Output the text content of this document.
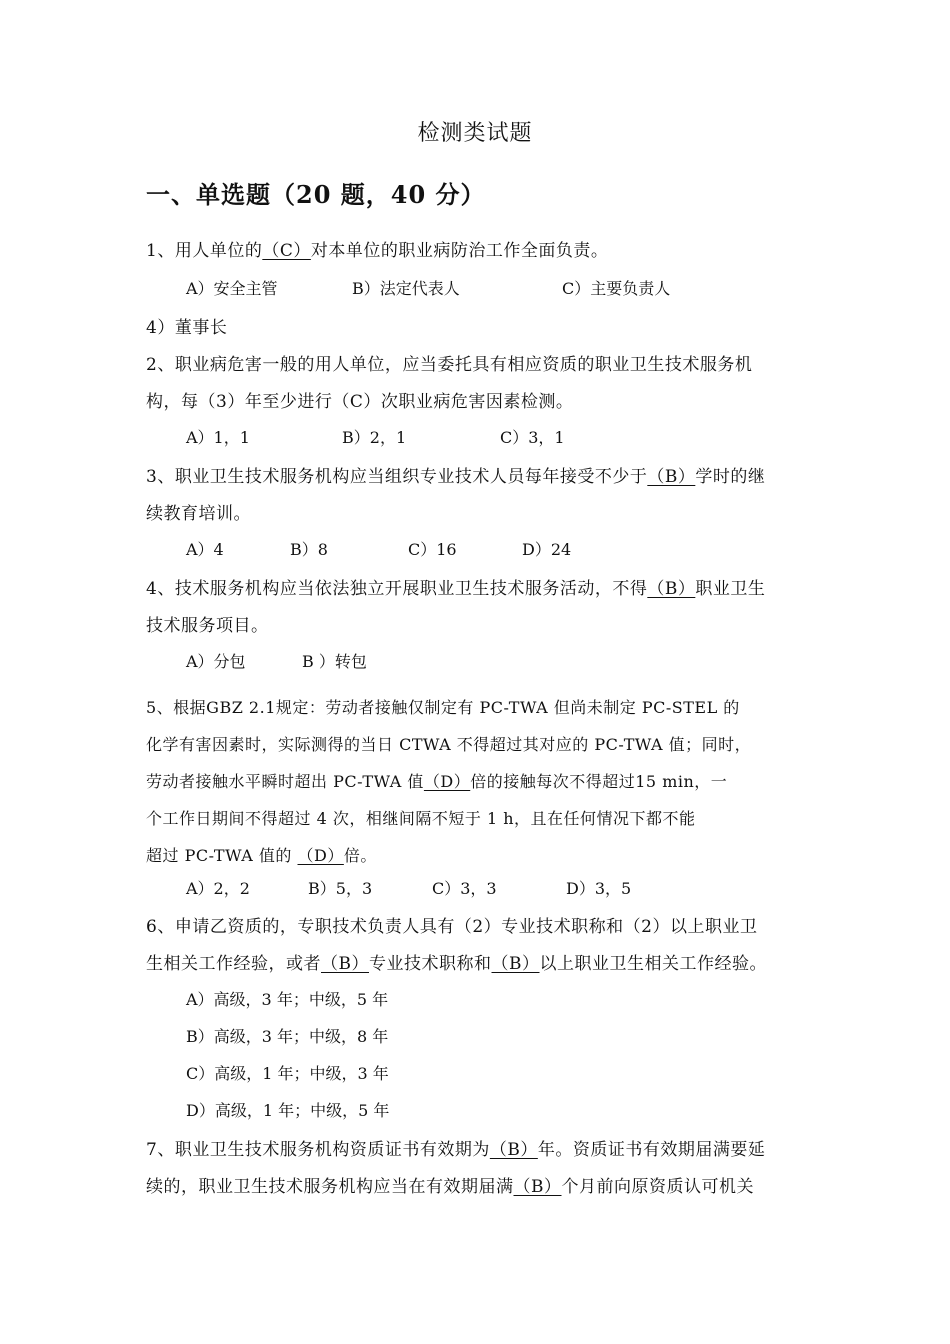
检测类试题
一、单选题（20 题，40 分）
1、用人单位的（C）对本单位的职业病防治工作全面负责。
A）安全主管	B）法定代表人	C）主要负责人
4）董事长
2、职业病危害一般的用人单位，应当委托具有相应资质的职业卫生技术服务机
构，每（3）年至少进行（C）次职业病危害因素检测。
A）1，1	B）2，1	C）3，1
3、职业卫生技术服务机构应当组织专业技术人员每年接受不少于（B）学时的继
续教育培训。
A）4	B）8	C）16	D）24
4、技术服务机构应当依法独立开展职业卫生技术服务活动，不得（B）职业卫生
技术服务项目。
A）分包	B ）转包
5、根据GBZ 2.1规定：劳动者接触仅制定有 PC-TWA 但尚未制定 PC-STEL 的
化学有害因素时，实际测得的当日 CTWA 不得超过其对应的 PC-TWA 值；同时，
劳动者接触水平瞬时超出 PC-TWA 值（D）倍的接触每次不得超过15 min，一
个工作日期间不得超过 4 次，相继间隔不短于 1 h，且在任何情况下都不能
超过 PC-TWA 值的 （D）倍。
A）2，2	B）5，3	C）3，3	D）3，5
6、申请乙资质的，专职技术负责人具有（2）专业技术职称和（2）以上职业卫
生相关工作经验，或者（B）专业技术职称和（B）以上职业卫生相关工作经验。
A）高级，3 年；中级，5 年
B）高级，3 年；中级，8 年
C）高级，1 年；中级，3 年
D）高级，1 年；中级，5 年
7、职业卫生技术服务机构资质证书有效期为（B）年。资质证书有效期届满要延
续的，职业卫生技术服务机构应当在有效期届满（B）个月前向原资质认可机关
